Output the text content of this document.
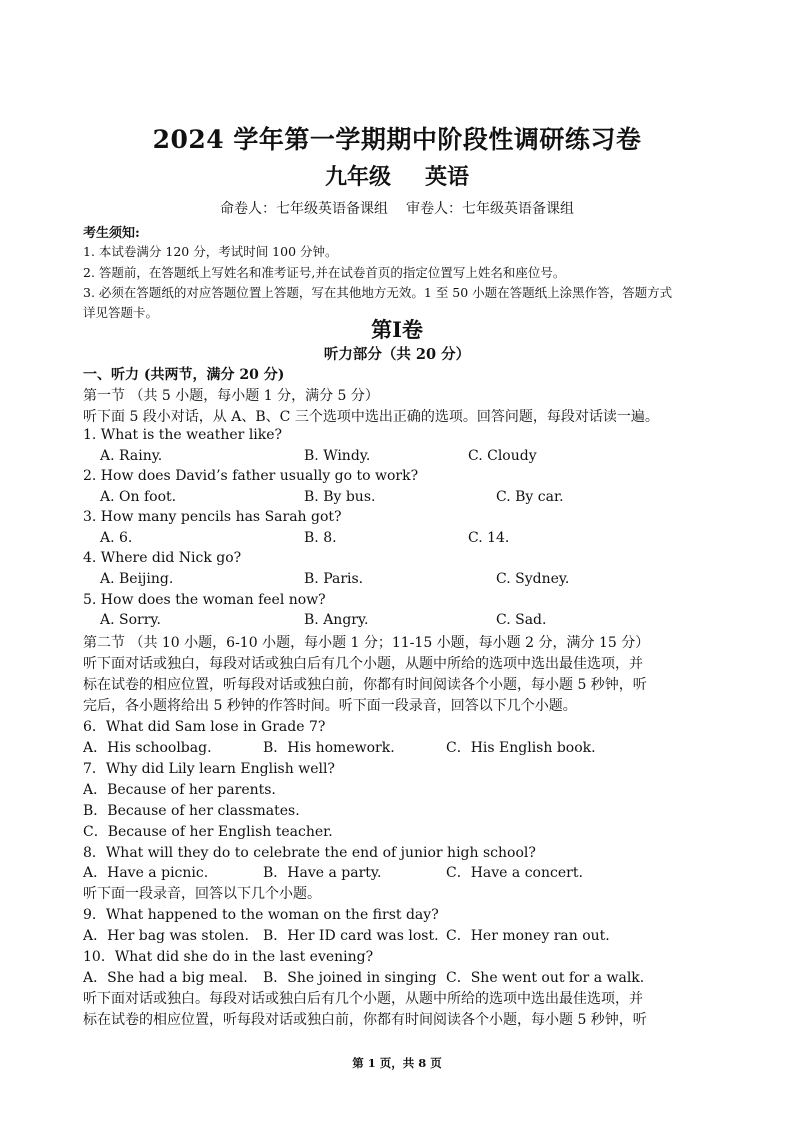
2024 学年第一学期期中阶段性调研练习卷
九年级 英语
命卷人：七年级英语备课组 审卷人：七年级英语备课组
考生须知:
1. 本试卷满分 120 分，考试时间 100 分钟。
2. 答题前，在答题纸上写姓名和准考证号,并在试卷首页的指定位置写上姓名和座位号。
3. 必须在答题纸的对应答题位置上答题，写在其他地方无效。1 至 50 小题在答题纸上涂黑作答，答题方式
详见答题卡。
第Ⅰ卷
听力部分（共 20 分）
一、听力 (共两节，满分 20 分)
第一节 （共 5 小题，每小题 1 分，满分 5 分）
听下面 5 段小对话，从 A、B、C 三个选项中选出正确的选项。回答问题，每段对话读一遍。
1. What is the weather like?
A. Rainy.	B. Windy.	C. Cloudy
2. How does David’s father usually go to work?
A. On foot.	B. By bus.	C. By car.
3. How many pencils has Sarah got?
A. 6.	B. 8.	C. 14.
4. Where did Nick go?
A. Beijing.	B. Paris.	C. Sydney.
5. How does the woman feel now?
A. Sorry.	B. Angry.	C. Sad.
第二节 （共 10 小题，6-10 小题，每小题 1 分；11-15 小题，每小题 2 分，满分 15 分）
听下面对话或独白，每段对话或独白后有几个小题，从题中所给的选项中选出最佳选项，并
标在试卷的相应位置，听每段对话或独白前，你都有时间阅读各个小题，每小题 5 秒钟，听
完后，各小题将给出 5 秒钟的作答时间。听下面一段录音，回答以下几个小题。
6．What did Sam lose in Grade 7?
A．His schoolbag.	B．His homework.	C．His English book.
7．Why did Lily learn English well?
A．Because of her parents.
B．Because of her classmates.
C．Because of her English teacher.
8．What will they do to celebrate the end of junior high school?
A．Have a picnic.	B．Have a party.	C．Have a concert.
听下面一段录音，回答以下几个小题。
9．What happened to the woman on the first day?
A．Her bag was stolen. B．Her ID card was lost. C．Her money ran out.
10．What did she do in the last evening?
A．She had a big meal. B．She joined in singing C．She went out for a walk.
听下面对话或独白。每段对话或独白后有几个小题，从题中所给的选项中选出最佳选项，并
标在试卷的相应位置，听每段对话或独白前，你都有时间阅读各个小题，每小题 5 秒钟，听
第 1 页，共 8 页
